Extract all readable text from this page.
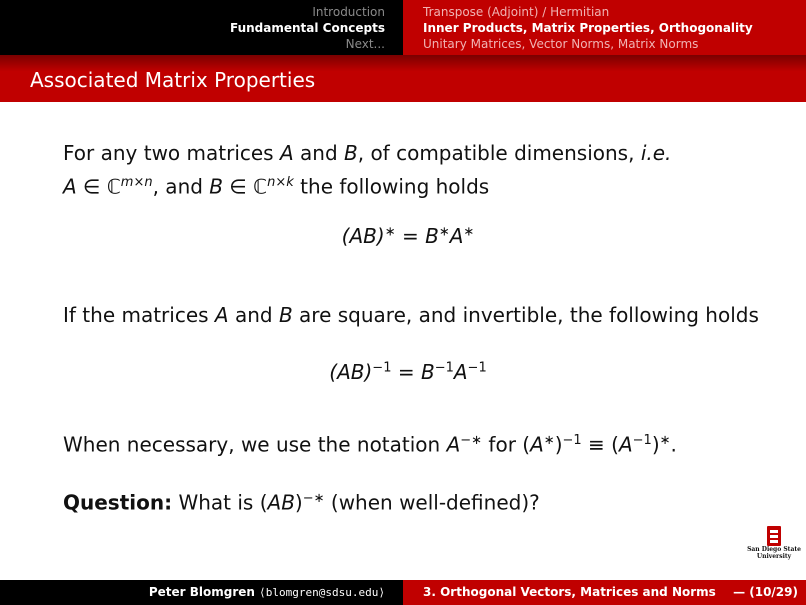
Introduction
Fundamental Concepts
Next...
Transpose (Adjoint) / Hermitian
Inner Products, Matrix Properties, Orthogonality
Unitary Matrices, Vector Norms, Matrix Norms
Associated Matrix Properties
For any two matrices A and B, of compatible dimensions, i.e.
A ∈ ℂ$^{m\times n}$, and B ∈ ℂ$^{n\times k}$ the following holds
(AB)∗ = B∗A∗
If the matrices A and B are square, and invertible, the following holds
$(AB)^{-1} = B^{-1}A^{-1}$
When necessary, we use the notation A−∗ for $(A^∗)^{-1} \equiv (A^{-1})^∗$.
Question: What is (AB)−∗ (when well-defined)?
San Diego State
University
Peter Blomgren ⟨blomgren@sdsu.edu⟩	3. Orthogonal Vectors, Matrices and Norms — (10/29)
